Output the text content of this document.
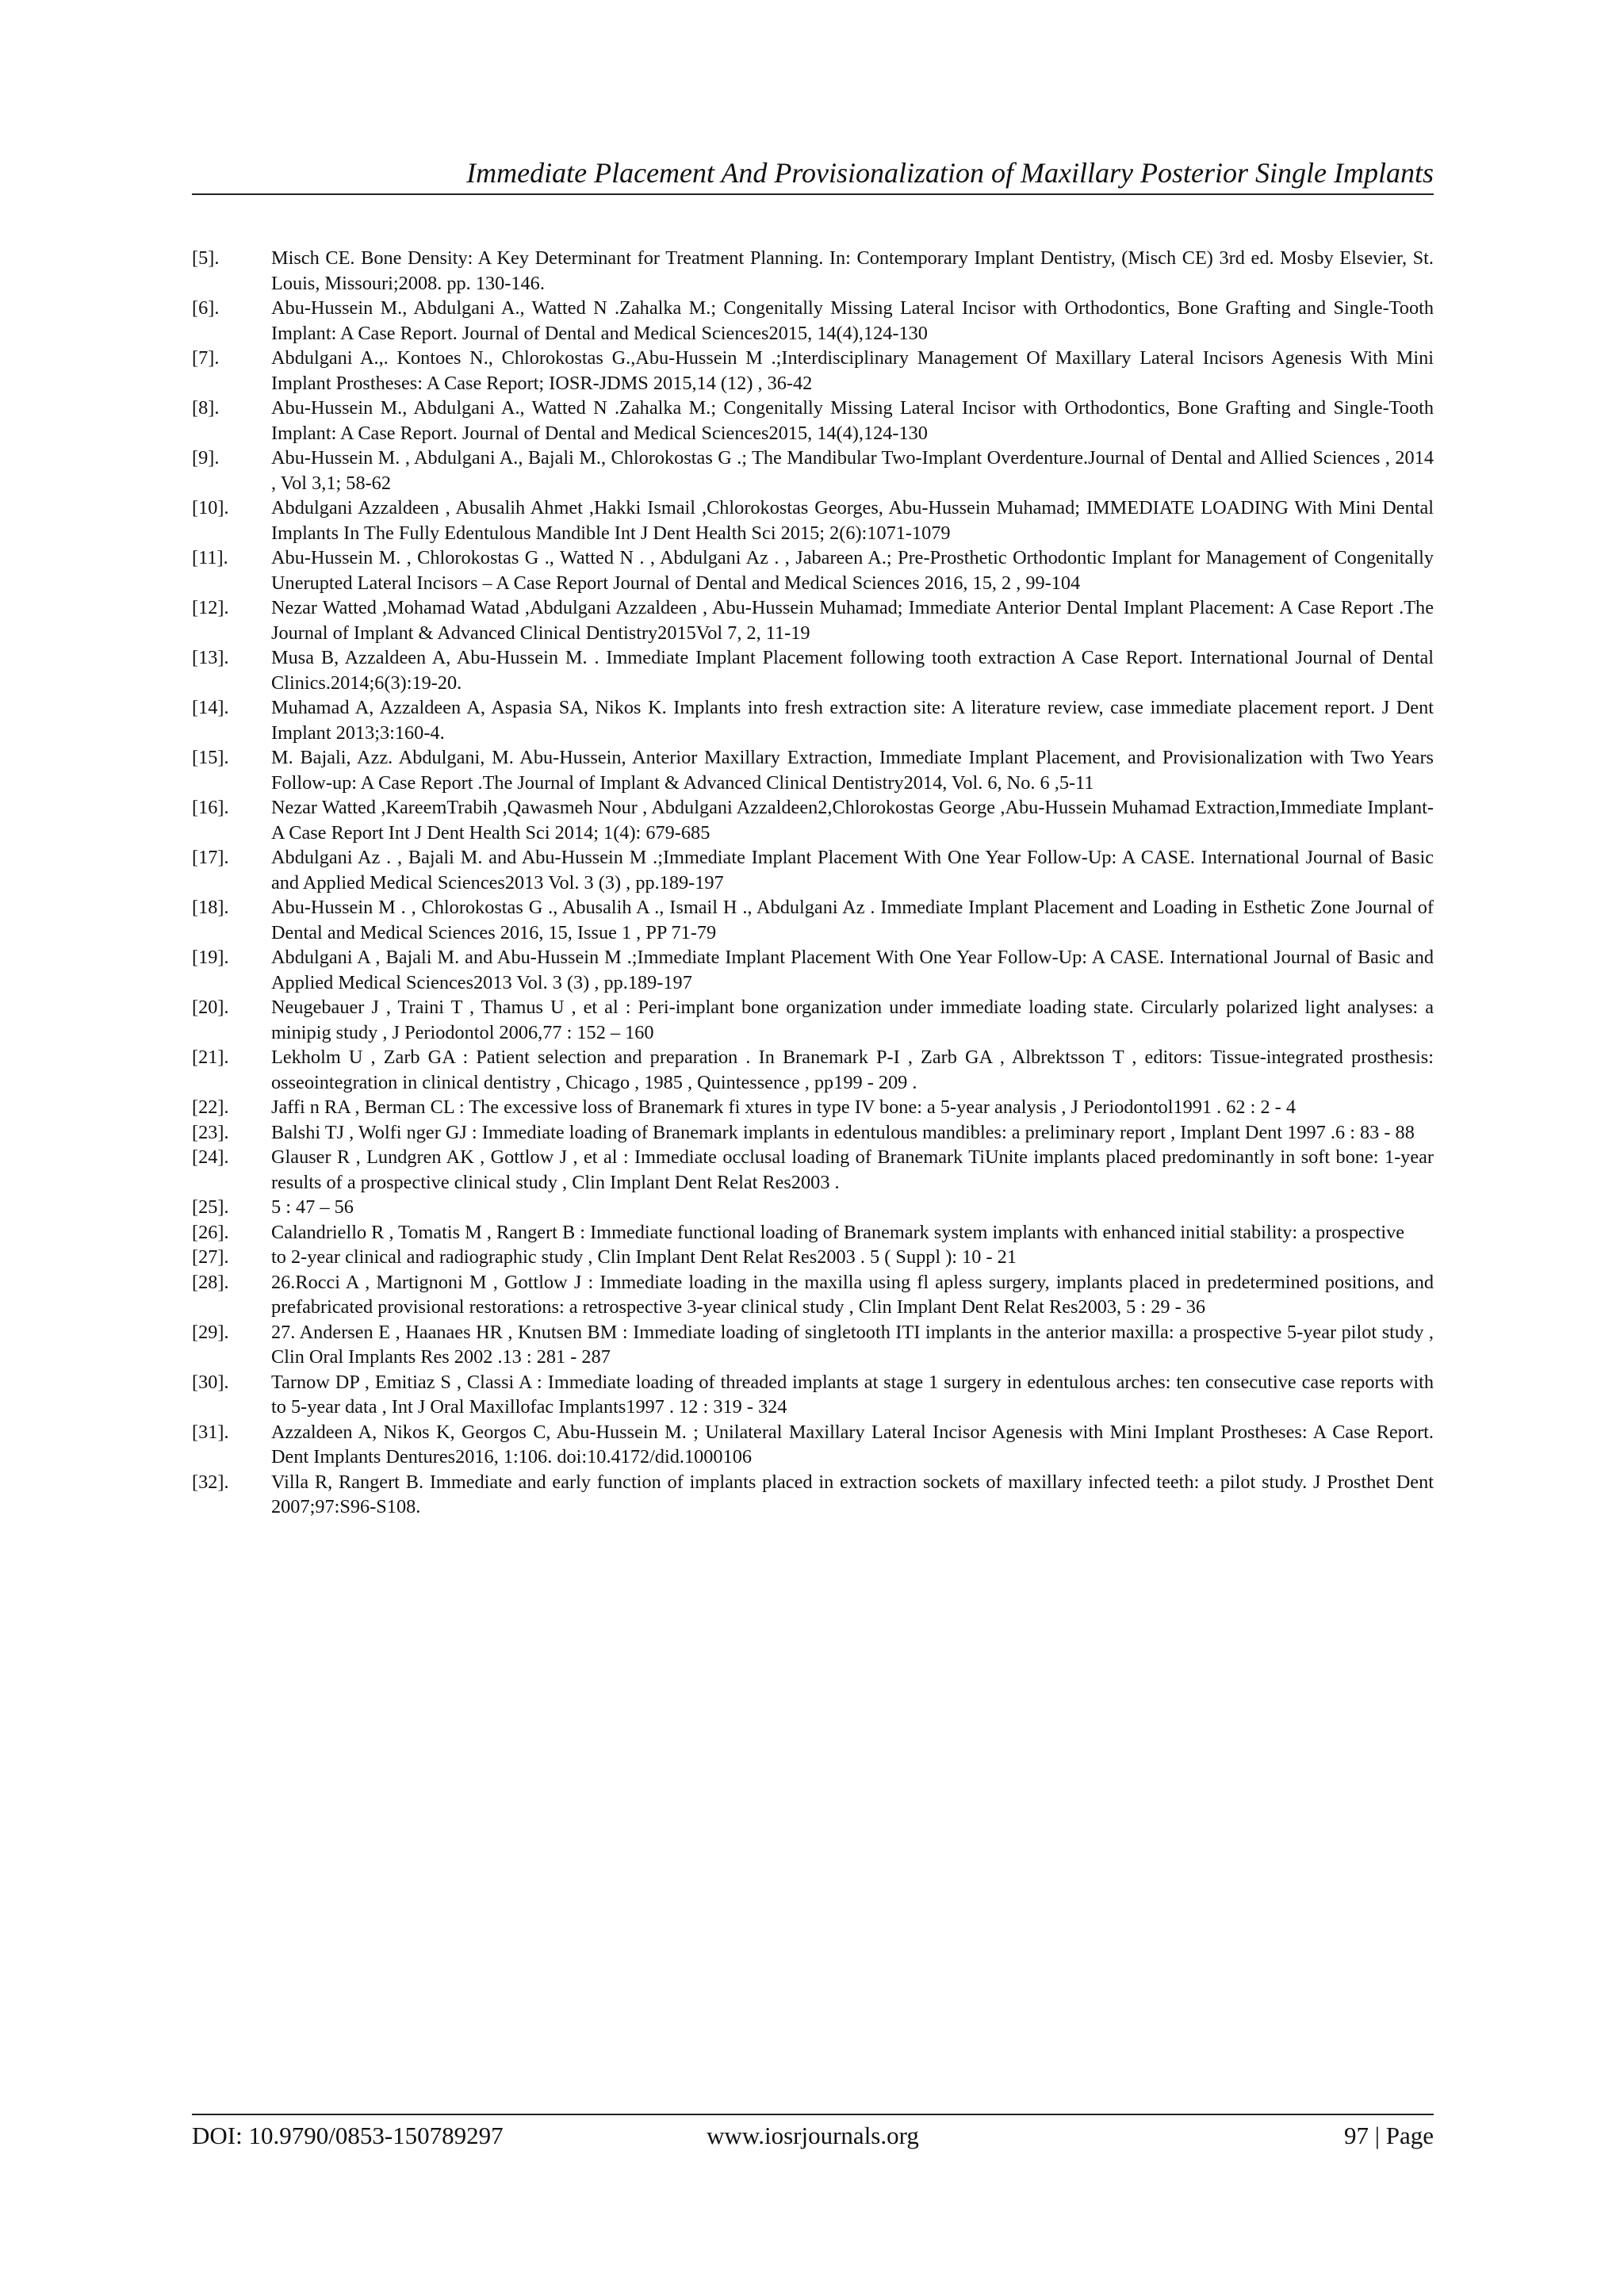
Immediate Placement And Provisionalization of Maxillary Posterior Single Implants
[5].	Misch CE. Bone Density: A Key Determinant for Treatment Planning. In: Contemporary Implant Dentistry, (Misch CE) 3rd ed. Mosby Elsevier, St. Louis, Missouri;2008. pp. 130-146.
[6].	Abu-Hussein M., Abdulgani A., Watted N .Zahalka M.; Congenitally Missing Lateral Incisor with Orthodontics, Bone Grafting and Single-Tooth Implant: A Case Report. Journal of Dental and Medical Sciences2015, 14(4),124-130
[7].	Abdulgani A.,. Kontoes N., Chlorokostas G.,Abu-Hussein M .;Interdisciplinary Management Of Maxillary Lateral Incisors Agenesis With Mini Implant Prostheses: A Case Report; IOSR-JDMS 2015,14 (12) , 36-42
[8].	Abu-Hussein M., Abdulgani A., Watted N .Zahalka M.; Congenitally Missing Lateral Incisor with Orthodontics, Bone Grafting and Single-Tooth Implant: A Case Report. Journal of Dental and Medical Sciences2015, 14(4),124-130
[9].	Abu-Hussein M. , Abdulgani A., Bajali M., Chlorokostas G .; The Mandibular Two-Implant Overdenture.Journal of Dental and Allied Sciences , 2014 , Vol 3,1; 58-62
[10].	Abdulgani Azzaldeen , Abusalih Ahmet ,Hakki Ismail ,Chlorokostas Georges, Abu-Hussein Muhamad; IMMEDIATE LOADING With Mini Dental Implants In The Fully Edentulous Mandible Int J Dent Health Sci 2015; 2(6):1071-1079
[11].	Abu-Hussein M. , Chlorokostas G ., Watted N . , Abdulgani Az . , Jabareen A.; Pre-Prosthetic Orthodontic Implant for Management of Congenitally Unerupted Lateral Incisors – A Case Report Journal of Dental and Medical Sciences 2016, 15, 2 , 99-104
[12].	Nezar Watted ,Mohamad Watad ,Abdulgani Azzaldeen , Abu-Hussein Muhamad; Immediate Anterior Dental Implant Placement: A Case Report .The Journal of Implant & Advanced Clinical Dentistry2015Vol 7, 2, 11-19
[13].	Musa B, Azzaldeen A, Abu-Hussein M. . Immediate Implant Placement following tooth extraction A Case Report. International Journal of Dental Clinics.2014;6(3):19-20.
[14].	Muhamad A, Azzaldeen A, Aspasia SA, Nikos K. Implants into fresh extraction site: A literature review, case immediate placement report. J Dent Implant 2013;3:160-4.
[15].	M. Bajali, Azz. Abdulgani, M. Abu-Hussein, Anterior Maxillary Extraction, Immediate Implant Placement, and Provisionalization with Two Years Follow-up: A Case Report .The Journal of Implant & Advanced Clinical Dentistry2014, Vol. 6, No. 6 ,5-11
[16].	Nezar Watted ,KareemTrabih ,Qawasmeh Nour , Abdulgani Azzaldeen2,Chlorokostas George ,Abu-Hussein Muhamad Extraction,Immediate Implant-A Case Report Int J Dent Health Sci 2014; 1(4): 679-685
[17].	Abdulgani Az . , Bajali M. and Abu-Hussein M .;Immediate Implant Placement With One Year Follow-Up: A CASE. International Journal of Basic and Applied Medical Sciences2013 Vol. 3 (3) , pp.189-197
[18].	Abu-Hussein M . , Chlorokostas G ., Abusalih A ., Ismail H ., Abdulgani Az . Immediate Implant Placement and Loading in Esthetic Zone Journal of Dental and Medical Sciences 2016, 15, Issue 1 , PP 71-79
[19].	Abdulgani A , Bajali M. and Abu-Hussein M .;Immediate Implant Placement With One Year Follow-Up: A CASE. International Journal of Basic and Applied Medical Sciences2013 Vol. 3 (3) , pp.189-197
[20].	Neugebauer J , Traini T , Thamus U , et al : Peri-implant bone organization under immediate loading state. Circularly polarized light analyses: a minipig study , J Periodontol 2006,77 : 152 – 160
[21].	Lekholm U , Zarb GA : Patient selection and preparation . In Branemark P-I , Zarb GA , Albrektsson T , editors: Tissue-integrated prosthesis: osseointegration in clinical dentistry , Chicago , 1985 , Quintessence , pp199 - 209 .
[22].	Jaffi n RA , Berman CL : The excessive loss of Branemark fi xtures in type IV bone: a 5-year analysis , J Periodontol1991 . 62 : 2 - 4
[23].	Balshi TJ , Wolfi nger GJ : Immediate loading of Branemark implants in edentulous mandibles: a preliminary report , Implant Dent 1997 .6 : 83 - 88
[24].	Glauser R , Lundgren AK , Gottlow J , et al : Immediate occlusal loading of Branemark TiUnite implants placed predominantly in soft bone: 1-year results of a prospective clinical study , Clin Implant Dent Relat Res2003 .
[25].	5 : 47 – 56
[26].	Calandriello R , Tomatis M , Rangert B : Immediate functional loading of Branemark system implants with enhanced initial stability: a prospective
[27].	to 2-year clinical and radiographic study , Clin Implant Dent Relat Res2003 . 5 ( Suppl ): 10 - 21
[28].	26.Rocci A , Martignoni M , Gottlow J : Immediate loading in the maxilla using fl apless surgery, implants placed in predetermined positions, and prefabricated provisional restorations: a retrospective 3-year clinical study , Clin Implant Dent Relat Res2003, 5 : 29 - 36
[29].	27. Andersen E , Haanaes HR , Knutsen BM : Immediate loading of singletooth ITI implants in the anterior maxilla: a prospective 5-year pilot study , Clin Oral Implants Res 2002 .13 : 281 - 287
[30].	Tarnow DP , Emitiaz S , Classi A : Immediate loading of threaded implants at stage 1 surgery in edentulous arches: ten consecutive case reports with to 5-year data , Int J Oral Maxillofac Implants1997 . 12 : 319 - 324
[31].	Azzaldeen A, Nikos K, Georgos C, Abu-Hussein M. ; Unilateral Maxillary Lateral Incisor Agenesis with Mini Implant Prostheses: A Case Report. Dent Implants Dentures2016, 1:106. doi:10.4172/did.1000106
[32].	Villa R, Rangert B. Immediate and early function of implants placed in extraction sockets of maxillary infected teeth: a pilot study. J Prosthet Dent 2007;97:S96-S108.
DOI: 10.9790/0853-150789297	www.iosrjournals.org	97 | Page
